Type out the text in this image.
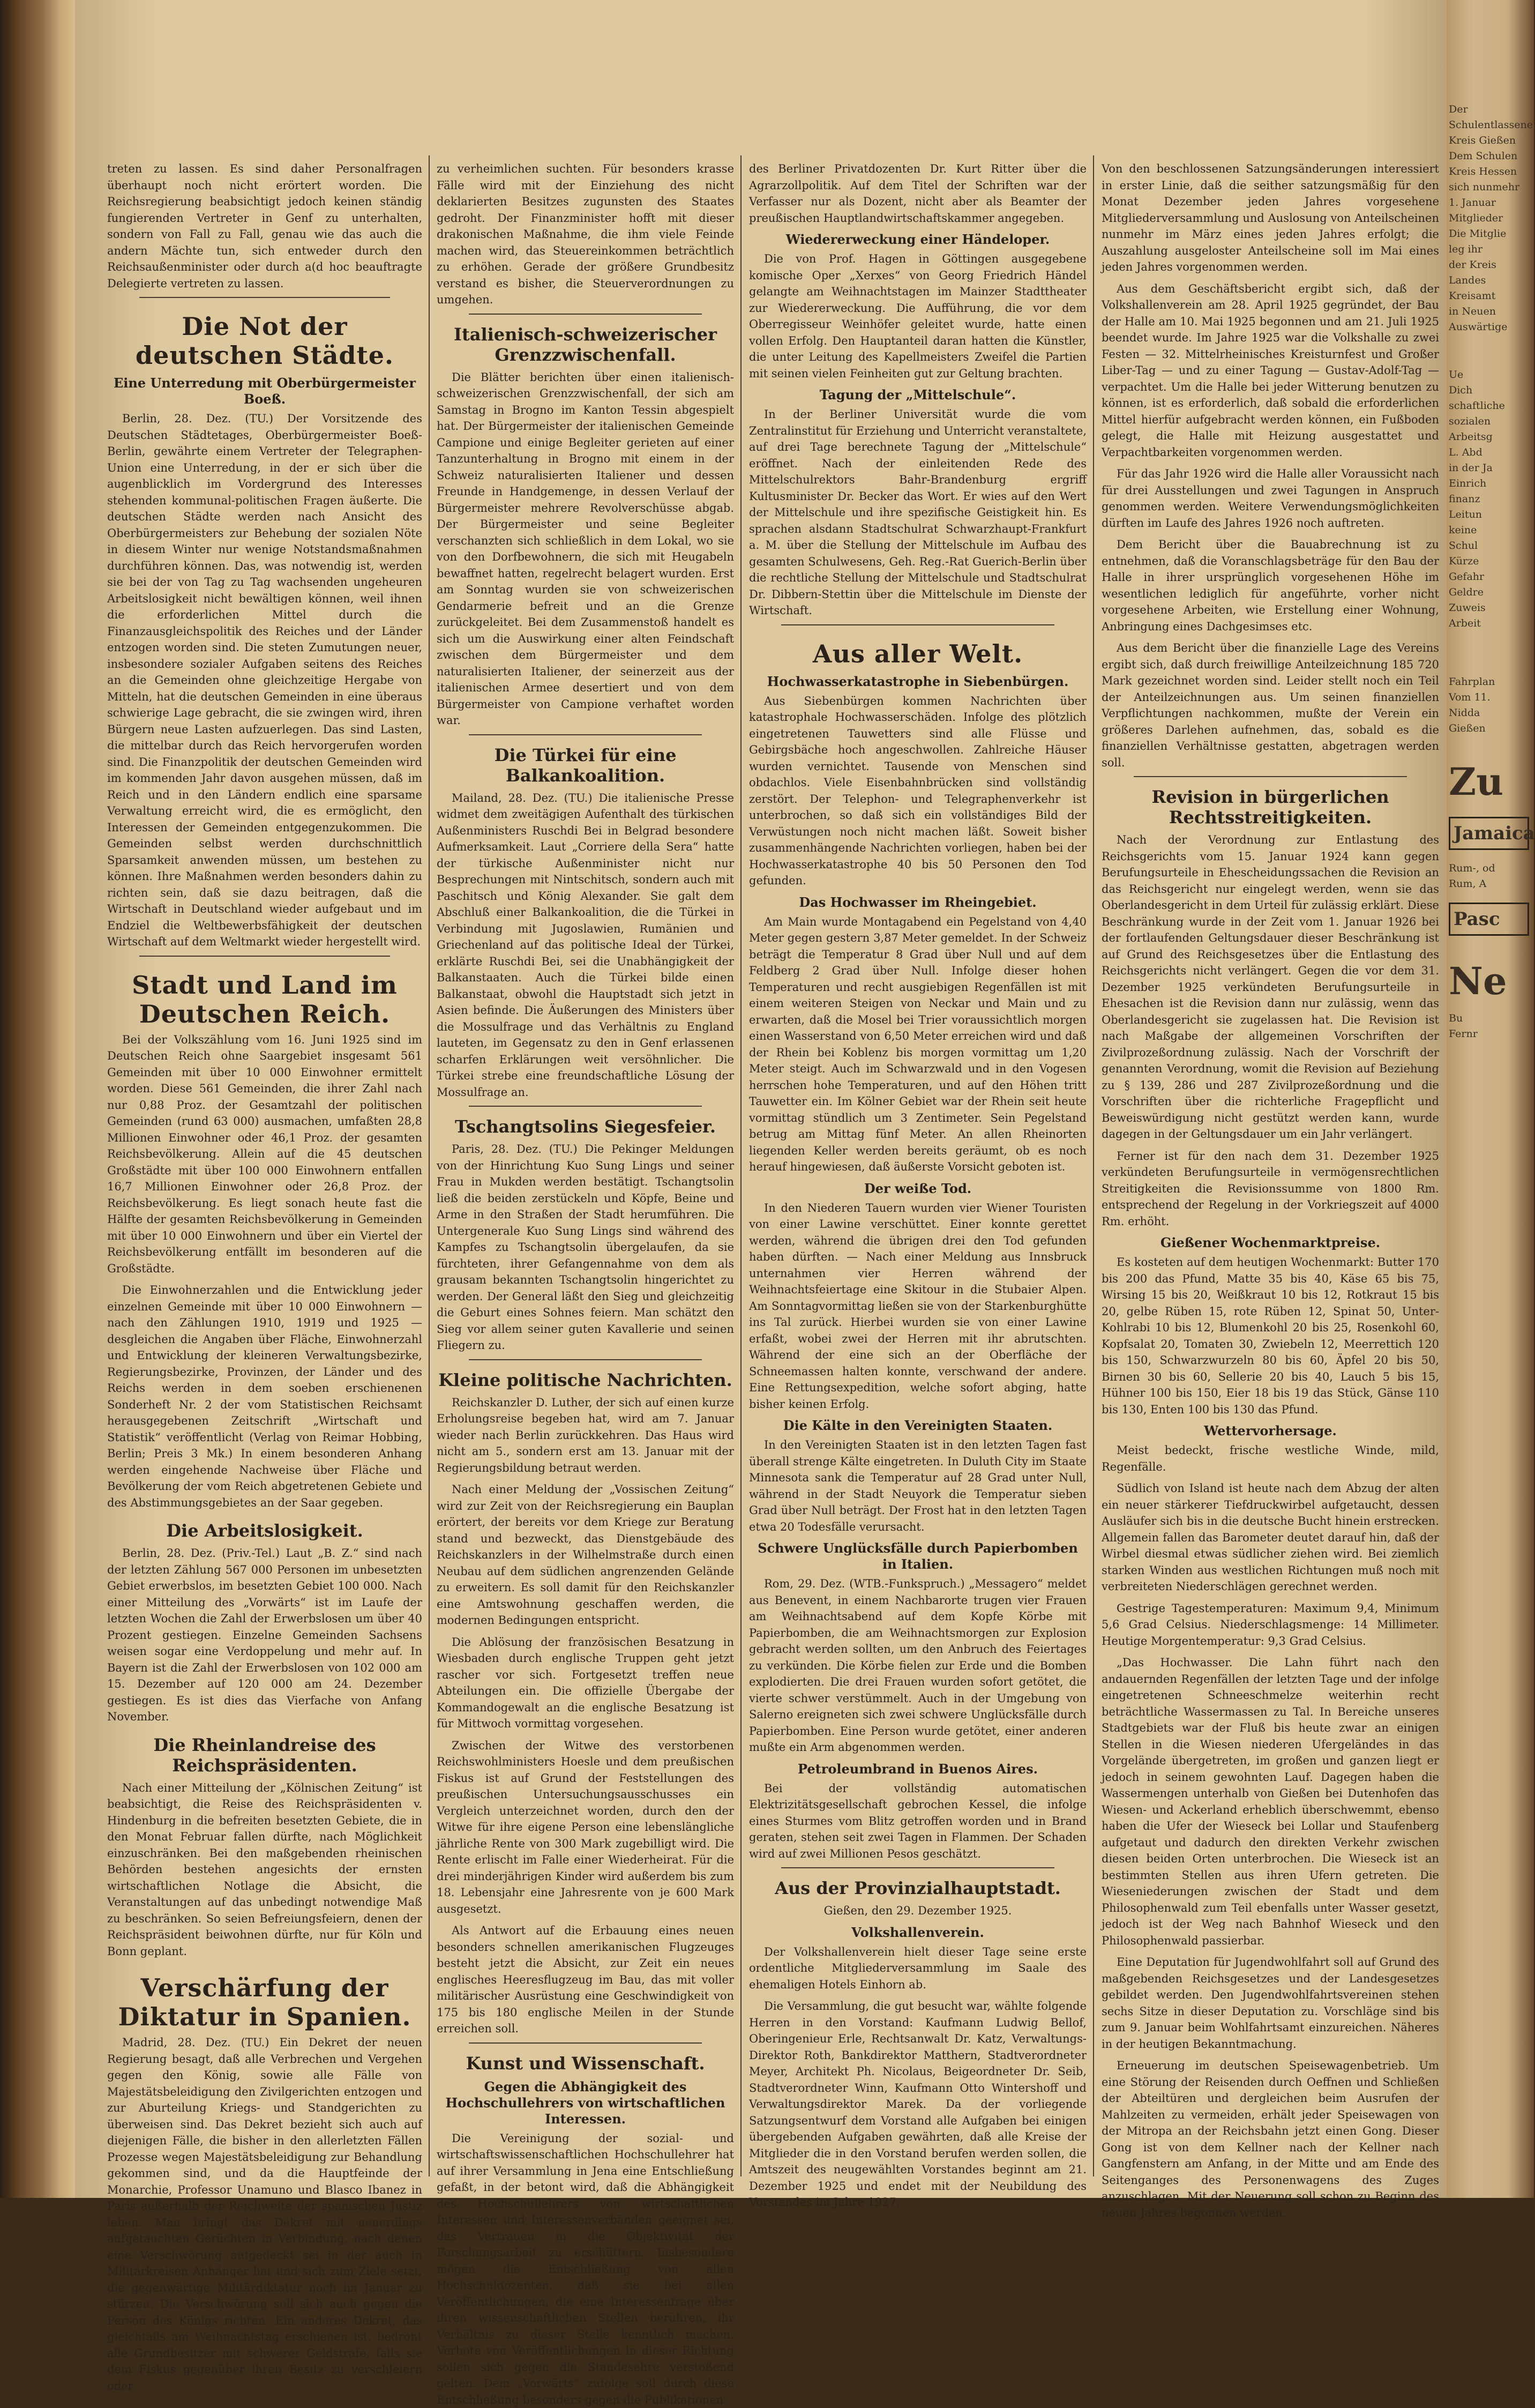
treten zu lassen. Es sind daher Personalfragen überhaupt noch nicht erörtert worden. Die Reichsregierung beabsichtigt jedoch keinen ständig fungierenden Vertreter in Genf zu unterhalten, sondern von Fall zu Fall, genau wie das auch die andern Mächte tun, sich entweder durch den Reichsaußenminister oder durch a(d hoc beauftragte Delegierte vertreten zu lassen.

Die Not der deutschen Städte.
Eine Unterredung mit Oberbürgermeister Boeß.

Berlin, 28. Dez. (TU.) Der Vorsitzende des Deutschen Städtetages, Oberbürgermeister Boeß-Berlin, gewährte einem Vertreter der Telegraphen-Union eine Unterredung, in der er sich über die augenblicklich im Vordergrund des Interesses stehenden kommunal-politischen Fragen äußerte. Die deutschen Städte werden nach Ansicht des Oberbürgermeisters zur Behebung der sozialen Nöte in diesem Winter nur wenige Notstandsmaßnahmen durchführen können. Das, was notwendig ist, werden sie bei der von Tag zu Tag wachsenden ungeheuren Arbeitslosigkeit nicht bewältigen können, weil ihnen die erforderlichen Mittel durch die Finanzausgleichspolitik des Reiches und der Länder entzogen worden sind. Die steten Zumutungen neuer, insbesondere sozialer Aufgaben seitens des Reiches an die Gemeinden ohne gleichzeitige Hergabe von Mitteln, hat die deutschen Gemeinden in eine überaus schwierige Lage gebracht, die sie zwingen wird, ihren Bürgern neue Lasten aufzuerlegen. Das sind Lasten, die mittelbar durch das Reich hervorgerufen worden sind. Die Finanzpolitik der deutschen Gemeinden wird im kommenden Jahr davon ausgehen müssen, daß im Reich und in den Ländern endlich eine sparsame Verwaltung erreicht wird, die es ermöglicht, den Interessen der Gemeinden entgegenzukommen. Die Gemeinden selbst werden durchschnittlich Sparsamkeit anwenden müssen, um bestehen zu können. Ihre Maßnahmen werden besonders dahin zu richten sein, daß sie dazu beitragen, daß die Wirtschaft in Deutschland wieder aufgebaut und im Endziel die Weltbewerbsfähigkeit der deutschen Wirtschaft auf dem Weltmarkt wieder hergestellt wird.

Stadt und Land im Deutschen Reich.

Bei der Volkszählung vom 16. Juni 1925 sind im Deutschen Reich ohne Saargebiet insgesamt 561 Gemeinden mit über 10 000 Einwohner ermittelt worden. Diese 561 Gemeinden, die ihrer Zahl nach nur 0,88 Proz. der Gesamtzahl der politischen Gemeinden (rund 63 000) ausmachen, umfaßten 28,8 Millionen Einwohner oder 46,1 Proz. der gesamten Reichsbevölkerung. Allein auf die 45 deutschen Großstädte mit über 100 000 Einwohnern entfallen 16,7 Millionen Einwohner oder 26,8 Proz. der Reichsbevölkerung. Es liegt sonach heute fast die Hälfte der gesamten Reichsbevölkerung in Gemeinden mit über 10 000 Einwohnern und über ein Viertel der Reichsbevölkerung entfällt im besonderen auf die Großstädte.

Die Einwohnerzahlen und die Entwicklung jeder einzelnen Gemeinde mit über 10 000 Einwohnern — nach den Zählungen 1910, 1919 und 1925 — desgleichen die Angaben über Fläche, Einwohnerzahl und Entwicklung der kleineren Verwaltungsbezirke, Regierungsbezirke, Provinzen, der Länder und des Reichs werden in dem soeben erschienenen Sonderheft Nr. 2 der vom Statistischen Reichsamt herausgegebenen Zeitschrift „Wirtschaft und Statistik“ veröffentlicht (Verlag von Reimar Hobbing, Berlin; Preis 3 Mk.) In einem besonderen Anhang werden eingehende Nachweise über Fläche und Bevölkerung der vom Reich abgetretenen Gebiete und des Abstimmungsgebietes an der Saar gegeben.

Die Arbeitslosigkeit.

Berlin, 28. Dez. (Priv.-Tel.) Laut „B. Z.“ sind nach der letzten Zählung 567 000 Personen im unbesetzten Gebiet erwerbslos, im besetzten Gebiet 100 000. Nach einer Mitteilung des „Vorwärts“ ist im Laufe der letzten Wochen die Zahl der Erwerbslosen um über 40 Prozent gestiegen. Einzelne Gemeinden Sachsens weisen sogar eine Verdoppelung und mehr auf. In Bayern ist die Zahl der Erwerbslosen von 102 000 am 15. Dezember auf 120 000 am 24. Dezember gestiegen. Es ist dies das Vierfache von Anfang November.

Die Rheinlandreise des Reichspräsidenten.

Nach einer Mitteilung der „Kölnischen Zeitung“ ist beabsichtigt, die Reise des Reichspräsidenten v. Hindenburg in die befreiten besetzten Gebiete, die in den Monat Februar fallen dürfte, nach Möglichkeit einzuschränken. Bei den maßgebenden rheinischen Behörden bestehen angesichts der ernsten wirtschaftlichen Notlage die Absicht, die Veranstaltungen auf das unbedingt notwendige Maß zu beschränken. So seien Befreiungsfeiern, denen der Reichspräsident beiwohnen dürfte, nur für Köln und Bonn geplant.

Verschärfung der Diktatur in Spanien.

Madrid, 28. Dez. (TU.) Ein Dekret der neuen Regierung besagt, daß alle Verbrechen und Vergehen gegen den König, sowie alle Fälle von Majestätsbeleidigung den Zivilgerichten entzogen und zur Aburteilung Kriegs- und Standgerichten zu überweisen sind. Das Dekret bezieht sich auch auf diejenigen Fälle, die bisher in den allerletzten Fällen Prozesse wegen Majestätsbeleidigung zur Behandlung gekommen sind, und da die Hauptfeinde der Monarchie, Professor Unamuno und Blasco Ibanez in Paris außerhalb der Reichweite der spanischen Justiz leben. Man bringt das Dekret mit neuerdings aufgetauchten Gerüchten in Verbindung, nach denen eine Verschwörung aufgedeckt sei in der auch in Militärkreisen Anhänger hat und sich zum Ziele setzt, die gegenwärtige Militärdiktatur noch im Januar zu stürzen. Die Verschwörung soll sich auch gegen die Person des Königs richten. Ein anderes Dekret, das gleichfalls am Weihnachtstag erschienen ist, bedroht alle Grundbesitzer mit schwerer Geldstrafe, falls sie dem Fiskus gegenüber ihren Besitz zu verschleiern oder

zu verheimlichen suchten. Für besonders krasse Fälle wird mit der Einziehung des nicht deklarierten Besitzes zugunsten des Staates gedroht. Der Finanzminister hofft mit dieser drakonischen Maßnahme, die ihm viele Feinde machen wird, das Steuereinkommen beträchtlich zu erhöhen. Gerade der größere Grundbesitz verstand es bisher, die Steuerverordnungen zu umgehen.

Italienisch-schweizerischer Grenzzwischenfall.

Die Blätter berichten über einen italienisch-schweizerischen Grenzzwischenfall, der sich am Samstag in Brogno im Kanton Tessin abgespielt hat. Der Bürgermeister der italienischen Gemeinde Campione und einige Begleiter gerieten auf einer Tanzunterhaltung in Brogno mit einem in der Schweiz naturalisierten Italiener und dessen Freunde in Handgemenge, in dessen Verlauf der Bürgermeister mehrere Revolverschüsse abgab. Der Bürgermeister und seine Begleiter verschanzten sich schließlich in dem Lokal, wo sie von den Dorfbewohnern, die sich mit Heugabeln bewaffnet hatten, regelrecht belagert wurden. Erst am Sonntag wurden sie von schweizerischen Gendarmerie befreit und an die Grenze zurückgeleitet. Bei dem Zusammenstoß handelt es sich um die Auswirkung einer alten Feindschaft zwischen dem Bürgermeister und dem naturalisierten Italiener, der seinerzeit aus der italienischen Armee desertiert und von dem Bürgermeister von Campione verhaftet worden war.

Die Türkei für eine Balkankoalition.

Mailand, 28. Dez. (TU.) Die italienische Presse widmet dem zweitägigen Aufenthalt des türkischen Außenministers Ruschdi Bei in Belgrad besondere Aufmerksamkeit. Laut „Corriere della Sera“ hatte der türkische Außenminister nicht nur Besprechungen mit Nintschitsch, sondern auch mit Paschitsch und König Alexander. Sie galt dem Abschluß einer Balkankoalition, die die Türkei in Verbindung mit Jugoslawien, Rumänien und Griechenland auf das politische Ideal der Türkei, erklärte Ruschdi Bei, sei die Unabhängigkeit der Balkanstaaten. Auch die Türkei bilde einen Balkanstaat, obwohl die Hauptstadt sich jetzt in Asien befinde. Die Äußerungen des Ministers über die Mossulfrage und das Verhältnis zu England lauteten, im Gegensatz zu den in Genf erlassenen scharfen Erklärungen weit versöhnlicher. Die Türkei strebe eine freundschaftliche Lösung der Mossulfrage an.

Tschangtsolins Siegesfeier.

Paris, 28. Dez. (TU.) Die Pekinger Meldungen von der Hinrichtung Kuo Sung Lings und seiner Frau in Mukden werden bestätigt. Tschangtsolin ließ die beiden zerstückeln und Köpfe, Beine und Arme in den Straßen der Stadt herumführen. Die Untergenerale Kuo Sung Lings sind während des Kampfes zu Tschangtsolin übergelaufen, da sie fürchteten, ihrer Gefangennahme von dem als grausam bekannten Tschangtsolin hingerichtet zu werden. Der General läßt den Sieg und gleichzeitig die Geburt eines Sohnes feiern. Man schätzt den Sieg vor allem seiner guten Kavallerie und seinen Fliegern zu.

Kleine politische Nachrichten.

Reichskanzler D. Luther, der sich auf einen kurze Erholungsreise begeben hat, wird am 7. Januar wieder nach Berlin zurückkehren. Das Haus wird nicht am 5., sondern erst am 13. Januar mit der Regierungsbildung betraut werden.

Nach einer Meldung der „Vossischen Zeitung“ wird zur Zeit von der Reichsregierung ein Bauplan erörtert, der bereits vor dem Kriege zur Beratung stand und bezweckt, das Dienstgebäude des Reichskanzlers in der Wilhelmstraße durch einen Neubau auf dem südlichen angrenzenden Gelände zu erweitern. Es soll damit für den Reichskanzler eine Amtswohnung geschaffen werden, die modernen Bedingungen entspricht.

Die Ablösung der französischen Besatzung in Wiesbaden durch englische Truppen geht jetzt rascher vor sich. Fortgesetzt treffen neue Abteilungen ein. Die offizielle Übergabe der Kommandogewalt an die englische Besatzung ist für Mittwoch vormittag vorgesehen.

Zwischen der Witwe des verstorbenen Reichswohlministers Hoesle und dem preußischen Fiskus ist auf Grund der Feststellungen des preußischen Untersuchungsausschusses ein Vergleich unterzeichnet worden, durch den der Witwe für ihre eigene Person eine lebenslängliche jährliche Rente von 300 Mark zugebilligt wird. Die Rente erlischt im Falle einer Wiederheirat. Für die drei minderjährigen Kinder wird außerdem bis zum 18. Lebensjahr eine Jahresrente von je 600 Mark ausgesetzt.

Als Antwort auf die Erbauung eines neuen besonders schnellen amerikanischen Flugzeuges besteht jetzt die Absicht, zur Zeit ein neues englisches Heeresflugzeug im Bau, das mit voller militärischer Ausrüstung eine Geschwindigkeit von 175 bis 180 englische Meilen in der Stunde erreichen soll.

Kunst und Wissenschaft.
Gegen die Abhängigkeit des Hochschullehrers von wirtschaftlichen Interessen.

Die Vereinigung der sozial- und wirtschaftswissenschaftlichen Hochschullehrer hat auf ihrer Versammlung in Jena eine Entschließung gefaßt, in der betont wird, daß die Abhängigkeit des Hochschullehrers von wirtschaftlichen Interessen und Interessenverbänden geeignet sei, das Vertrauen in die Objektivität der Forschungsarbeit zu erschüttern. Insbesondere mögen die Entschließung von allen Hochschuldozenten, daß sie bei allen Veröffentlichungen, die eine Interessenfrage über ihren wissenschaftlichen Stellen berühren, ihr Verhältnis zu dieser Stelle kenntlich machen. Verbote von Veröffentlichungen in dieser Richtung sollen sich gegen die Standesehre verstoßend gelten. Dem „Vorwärts“ zufolge soll durch diese Entschließung besonders gegen die Publikationen

des Berliner Privatdozenten Dr. Kurt Ritter über die Agrarzollpolitik. Auf dem Titel der Schriften war der Verfasser nur als Dozent, nicht aber als Beamter der preußischen Hauptlandwirtschaftskammer angegeben.

Wiedererweckung einer Händeloper.

Die von Prof. Hagen in Göttingen ausgegebene komische Oper „Xerxes“ von Georg Friedrich Händel gelangte am Weihnachtstagen im Mainzer Stadttheater zur Wiedererweckung. Die Aufführung, die vor dem Oberregisseur Weinhöfer geleitet wurde, hatte einen vollen Erfolg. Den Hauptanteil daran hatten die Künstler, die unter Leitung des Kapellmeisters Zweifel die Partien mit seinen vielen Feinheiten gut zur Geltung brachten.

Tagung der „Mittelschule“.

In der Berliner Universität wurde die vom Zentralinstitut für Erziehung und Unterricht veranstaltete, auf drei Tage berechnete Tagung der „Mittelschule“ eröffnet. Nach der einleitenden Rede des Mittelschulrektors Bahr-Brandenburg ergriff Kultusminister Dr. Becker das Wort. Er wies auf den Wert der Mittelschule und ihre spezifische Geistigkeit hin. Es sprachen alsdann Stadtschulrat Schwarzhaupt-Frankfurt a. M. über die Stellung der Mittelschule im Aufbau des gesamten Schulwesens, Geh. Reg.-Rat Guerich-Berlin über die rechtliche Stellung der Mittelschule und Stadtschulrat Dr. Dibbern-Stettin über die Mittelschule im Dienste der Wirtschaft.

Aus aller Welt.
Hochwasserkatastrophe in Siebenbürgen.

Aus Siebenbürgen kommen Nachrichten über katastrophale Hochwasserschäden. Infolge des plötzlich eingetretenen Tauwetters sind alle Flüsse und Gebirgsbäche hoch angeschwollen. Zahlreiche Häuser wurden vernichtet. Tausende von Menschen sind obdachlos. Viele Eisenbahnbrücken sind vollständig zerstört. Der Telephon- und Telegraphenverkehr ist unterbrochen, so daß sich ein vollständiges Bild der Verwüstungen noch nicht machen läßt. Soweit bisher zusammenhängende Nachrichten vorliegen, haben bei der Hochwasserkatastrophe 40 bis 50 Personen den Tod gefunden.

Das Hochwasser im Rheingebiet.

Am Main wurde Montagabend ein Pegelstand von 4,40 Meter gegen gestern 3,87 Meter gemeldet. In der Schweiz beträgt die Temperatur 8 Grad über Null und auf dem Feldberg 2 Grad über Null. Infolge dieser hohen Temperaturen und recht ausgiebigen Regenfällen ist mit einem weiteren Steigen von Neckar und Main und zu erwarten, daß die Mosel bei Trier voraussichtlich morgen einen Wasserstand von 6,50 Meter erreichen wird und daß der Rhein bei Koblenz bis morgen vormittag um 1,20 Meter steigt. Auch im Schwarzwald und in den Vogesen herrschen hohe Temperaturen, und auf den Höhen tritt Tauwetter ein. Im Kölner Gebiet war der Rhein seit heute vormittag stündlich um 3 Zentimeter. Sein Pegelstand betrug am Mittag fünf Meter. An allen Rheinorten liegenden Keller werden bereits geräumt, ob es noch herauf hingewiesen, daß äußerste Vorsicht geboten ist.

Der weiße Tod.

In den Niederen Tauern wurden vier Wiener Touristen von einer Lawine verschüttet. Einer konnte gerettet werden, während die übrigen drei den Tod gefunden haben dürften. — Nach einer Meldung aus Innsbruck unternahmen vier Herren während der Weihnachtsfeiertage eine Skitour in die Stubaier Alpen. Am Sonntagvormittag ließen sie von der Starkenburghütte ins Tal zurück. Hierbei wurden sie von einer Lawine erfaßt, wobei zwei der Herren mit ihr abrutschten. Während der eine sich an der Oberfläche der Schneemassen halten konnte, verschwand der andere. Eine Rettungsexpedition, welche sofort abging, hatte bisher keinen Erfolg.

Die Kälte in den Vereinigten Staaten.

In den Vereinigten Staaten ist in den letzten Tagen fast überall strenge Kälte eingetreten. In Duluth City im Staate Minnesota sank die Temperatur auf 28 Grad unter Null, während in der Stadt Neuyork die Temperatur sieben Grad über Null beträgt. Der Frost hat in den letzten Tagen etwa 20 Todesfälle verursacht.

Schwere Unglücksfälle durch Papierbomben in Italien.

Rom, 29. Dez. (WTB.-Funkspruch.) „Messagero“ meldet aus Benevent, in einem Nachbarorte trugen vier Frauen am Weihnachtsabend auf dem Kopfe Körbe mit Papierbomben, die am Weihnachtsmorgen zur Explosion gebracht werden sollten, um den Anbruch des Feiertages zu verkünden. Die Körbe fielen zur Erde und die Bomben explodierten. Die drei Frauen wurden sofort getötet, die vierte schwer verstümmelt. Auch in der Umgebung von Salerno ereigneten sich zwei schwere Unglücksfälle durch Papierbomben. Eine Person wurde getötet, einer anderen mußte ein Arm abgenommen werden.

Petroleumbrand in Buenos Aires.

Bei der vollständig automatischen Elektrizitätsgesellschaft gebrochen Kessel, die infolge eines Sturmes vom Blitz getroffen worden und in Brand geraten, stehen seit zwei Tagen in Flammen. Der Schaden wird auf zwei Millionen Pesos geschätzt.

Aus der Provinzialhauptstadt.
Gießen, den 29. Dezember 1925.
Volkshallenverein.

Der Volkshallenverein hielt dieser Tage seine erste ordentliche Mitgliederversammlung im Saale des ehemaligen Hotels Einhorn ab.

Die Versammlung, die gut besucht war, wählte folgende Herren in den Vorstand: Kaufmann Ludwig Bellof, Oberingenieur Erle, Rechtsanwalt Dr. Katz, Verwaltungs-Direktor Roth, Bankdirektor Matthern, Stadtverordneter Meyer, Architekt Ph. Nicolaus, Beigeordneter Dr. Seib, Stadtverordneter Winn, Kaufmann Otto Wintershoff und Verwaltungsdirektor Marek. Da der vorliegende Satzungsentwurf dem Vorstand alle Aufgaben bei einigen übergebenden Aufgaben gewährten, daß alle Kreise der Mitglieder die in den Vorstand berufen werden sollen, die Amtszeit des neugewählten Vorstandes beginnt am 21. Dezember 1925 und endet mit der Neubildung des Vorstandes im Jahre 1927.

Von den beschlossenen Satzungsänderungen interessiert in erster Linie, daß die seither satzungsmäßig für den Monat Dezember jeden Jahres vorgesehene Mitgliederversammlung und Auslosung von Anteilscheinen nunmehr im März eines jeden Jahres erfolgt; die Auszahlung ausgeloster Anteilscheine soll im Mai eines jeden Jahres vorgenommen werden.

Aus dem Geschäftsbericht ergibt sich, daß der Volkshallenverein am 28. April 1925 gegründet, der Bau der Halle am 10. Mai 1925 begonnen und am 21. Juli 1925 beendet wurde. Im Jahre 1925 war die Volkshalle zu zwei Festen — 32. Mittelrheinisches Kreisturnfest und Großer Liber-Tag — und zu einer Tagung — Gustav-Adolf-Tag — verpachtet. Um die Halle bei jeder Witterung benutzen zu können, ist es erforderlich, daß sobald die erforderlichen Mittel hierfür aufgebracht werden können, ein Fußboden gelegt, die Halle mit Heizung ausgestattet und Verpachtbarkeiten vorgenommen werden.

Für das Jahr 1926 wird die Halle aller Voraussicht nach für drei Ausstellungen und zwei Tagungen in Anspruch genommen werden. Weitere Verwendungsmöglichkeiten dürften im Laufe des Jahres 1926 noch auftreten.

Dem Bericht über die Bauabrechnung ist zu entnehmen, daß die Voranschlagsbeträge für den Bau der Halle in ihrer ursprünglich vorgesehenen Höhe im wesentlichen lediglich für angeführte, vorher nicht vorgesehene Arbeiten, wie Erstellung einer Wohnung, Anbringung eines Dachgesimses etc.

Aus dem Bericht über die finanzielle Lage des Vereins ergibt sich, daß durch freiwillige Anteilzeichnung 185 720 Mark gezeichnet worden sind. Leider stellt noch ein Teil der Anteilzeichnungen aus. Um seinen finanziellen Verpflichtungen nachkommen, mußte der Verein ein größeres Darlehen aufnehmen, das, sobald es die finanziellen Verhältnisse gestatten, abgetragen werden soll.

Revision in bürgerlichen Rechtsstreitigkeiten.

Nach der Verordnung zur Entlastung des Reichsgerichts vom 15. Januar 1924 kann gegen Berufungsurteile in Ehescheidungssachen die Revision an das Reichsgericht nur eingelegt werden, wenn sie das Oberlandesgericht in dem Urteil für zulässig erklärt. Diese Beschränkung wurde in der Zeit vom 1. Januar 1926 bei der fortlaufenden Geltungsdauer dieser Beschränkung ist auf Grund des Reichsgesetzes über die Entlastung des Reichsgerichts nicht verlängert. Gegen die vor dem 31. Dezember 1925 verkündeten Berufungsurteile in Ehesachen ist die Revision dann nur zulässig, wenn das Oberlandesgericht sie zugelassen hat. Die Revision ist nach Maßgabe der allgemeinen Vorschriften der Zivilprozeßordnung zulässig. Nach der Vorschrift der genannten Verordnung, womit die Revision auf Beziehung zu § 139, 286 und 287 Zivilprozeßordnung und die Vorschriften über die richterliche Fragepflicht und Beweiswürdigung nicht gestützt werden kann, wurde dagegen in der Geltungsdauer um ein Jahr verlängert.

Ferner ist für den nach dem 31. Dezember 1925 verkündeten Berufungsurteile in vermögensrechtlichen Streitigkeiten die Revisionssumme von 1800 Rm. entsprechend der Regelung in der Vorkriegszeit auf 4000 Rm. erhöht.

Gießener Wochenmarktpreise.

Es kosteten auf dem heutigen Wochenmarkt: Butter 170 bis 200 das Pfund, Matte 35 bis 40, Käse 65 bis 75, Wirsing 15 bis 20, Weißkraut 10 bis 12, Rotkraut 15 bis 20, gelbe Rüben 15, rote Rüben 12, Spinat 50, Unter-Kohlrabi 10 bis 12, Blumenkohl 20 bis 25, Rosenkohl 60, Kopfsalat 20, Tomaten 30, Zwiebeln 12, Meerrettich 120 bis 150, Schwarzwurzeln 80 bis 60, Äpfel 20 bis 50, Birnen 30 bis 60, Sellerie 20 bis 40, Lauch 5 bis 15, Hühner 100 bis 150, Eier 18 bis 19 das Stück, Gänse 110 bis 130, Enten 100 bis 130 das Pfund.

Wettervorhersage.

Meist bedeckt, frische westliche Winde, mild, Regenfälle.

Südlich von Island ist heute nach dem Abzug der alten ein neuer stärkerer Tiefdruckwirbel aufgetaucht, dessen Ausläufer sich bis in die deutsche Bucht hinein erstrecken. Allgemein fallen das Barometer deutet darauf hin, daß der Wirbel diesmal etwas südlicher ziehen wird. Bei ziemlich starken Winden aus westlichen Richtungen muß noch mit verbreiteten Niederschlägen gerechnet werden.

Gestrige Tagestemperaturen: Maximum 9,4, Minimum 5,6 Grad Celsius. Niederschlagsmenge: 14 Millimeter. Heutige Morgentemperatur: 9,3 Grad Celsius.

„Das Hochwasser. Die Lahn führt nach den andauernden Regenfällen der letzten Tage und der infolge eingetretenen Schneeschmelze weiterhin recht beträchtliche Wassermassen zu Tal. In Bereiche unseres Stadtgebiets war der Fluß bis heute zwar an einigen Stellen in die Wiesen niederen Ufergeländes in das Vorgelände übergetreten, im großen und ganzen liegt er jedoch in seinem gewohnten Lauf. Dagegen haben die Wassermengen unterhalb von Gießen bei Dutenhofen das Wiesen- und Ackerland erheblich überschwemmt, ebenso haben die Ufer der Wieseck bei Lollar und Staufenberg aufgetaut und dadurch den direkten Verkehr zwischen diesen beiden Orten unterbrochen. Die Wieseck ist an bestimmten Stellen aus ihren Ufern getreten. Die Wieseniederungen zwischen der Stadt und dem Philosophenwald zum Teil ebenfalls unter Wasser gesetzt, jedoch ist der Weg nach Bahnhof Wieseck und den Philosophenwald passierbar.

Eine Deputation für Jugendwohlfahrt soll auf Grund des maßgebenden Reichsgesetzes und der Landesgesetzes gebildet werden. Den Jugendwohlfahrtsvereinen stehen sechs Sitze in dieser Deputation zu. Vorschläge sind bis zum 9. Januar beim Wohlfahrtsamt einzureichen. Näheres in der heutigen Bekanntmachung.

Erneuerung im deutschen Speisewagenbetrieb. Um eine Störung der Reisenden durch Oeffnen und Schließen der Abteiltüren und dergleichen beim Ausrufen der Mahlzeiten zu vermeiden, erhält jeder Speisewagen von der Mitropa an der Reichsbahn jetzt einen Gong. Dieser Gong ist von dem Kellner nach der Kellner nach Gangfenstern am Anfang, in der Mitte und am Ende des Seitenganges des Personenwagens des Zuges anzuschlagen. Mit der Neuerung soll schon zu Beginn des neuen Jahres begonnen werden.

Der
Schulentlassene
Kreis Gießen
Dem Schulen
Kreis Hessen
sich nunmehr
1. Januar
Mitglieder
Die Mitglie
leg ihr
der Kreis
Landes
Kreisamt
in Neuen
Auswärtige
Ue
Dich
schaftliche
sozialen
Arbeitsg
L. Abd
in der Ja
Einrich
finanz
Leitun
keine
Schul
Kürze
Gefahr
Geldre
Zuweis
Arbeit
Fahrplan
Vom 11.
Nidda
Gießen
Zu
Jamaica
Rum-, od
Rum, A
Pasc
Ne
Bu
Fernr
